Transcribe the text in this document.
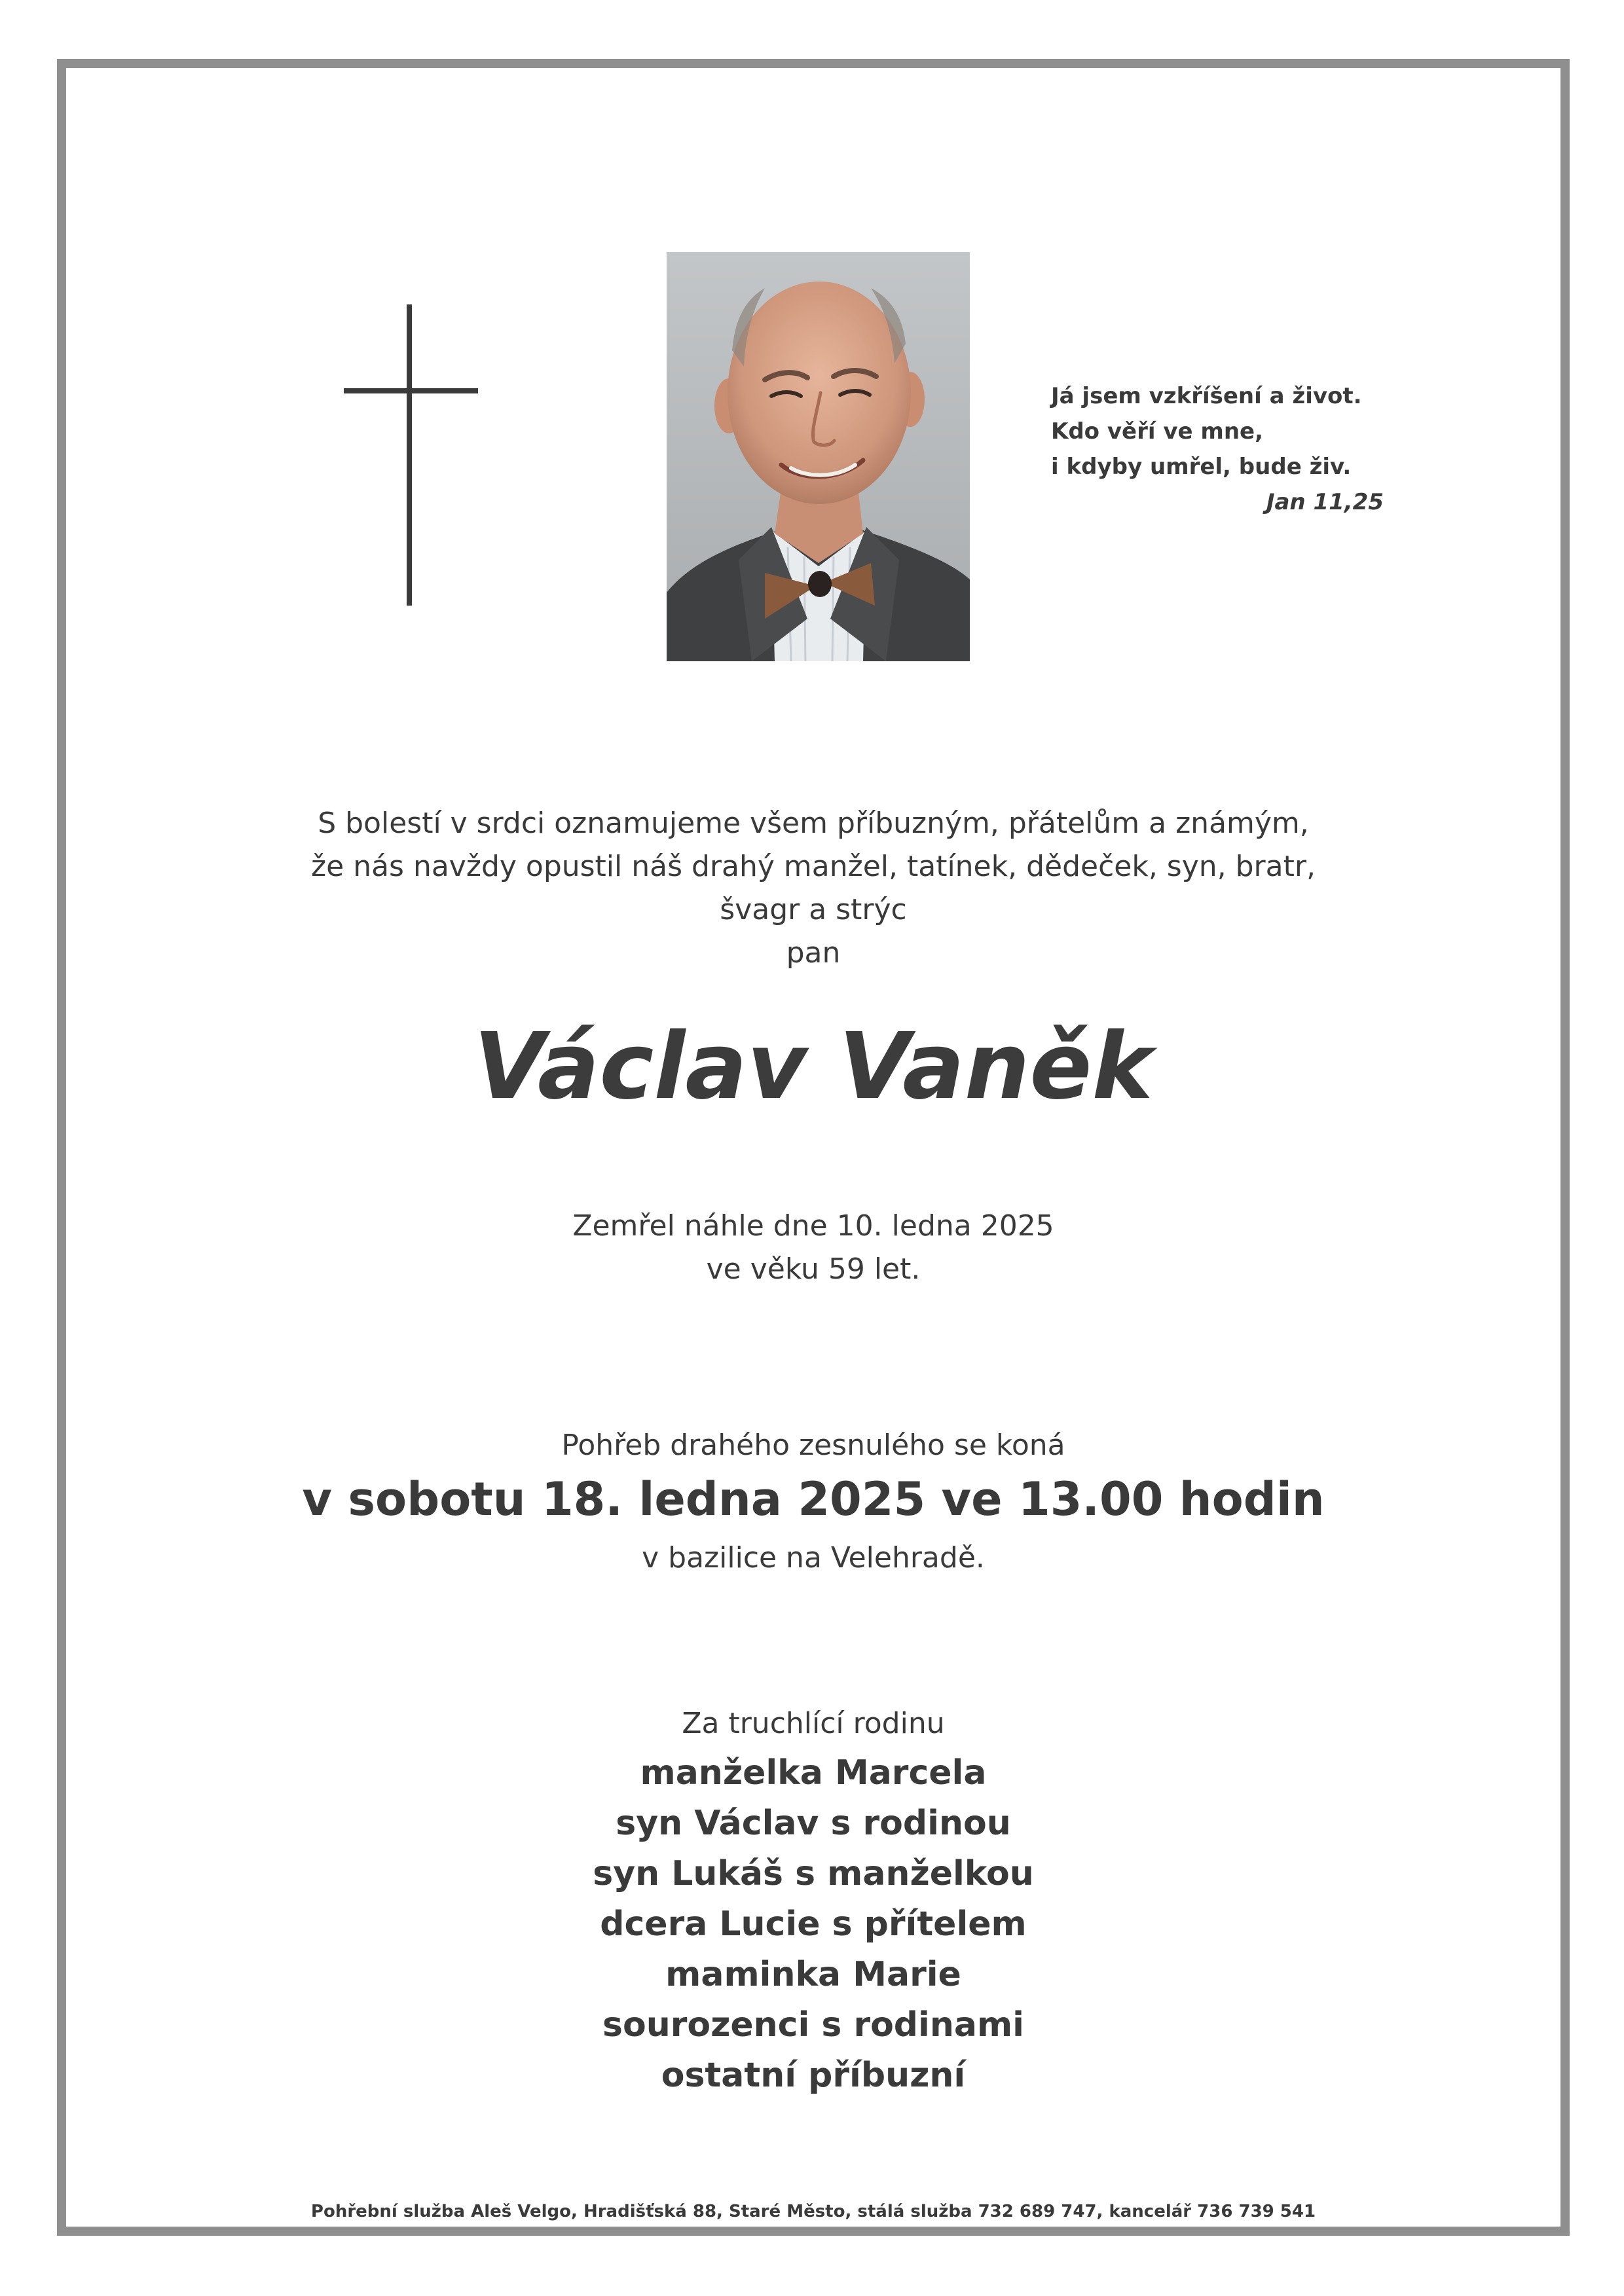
Já jsem vzkříšení a život.
Kdo věří ve mne,
i kdyby umřel, bude živ.
Jan 11,25
S bolestí v srdci oznamujeme všem příbuzným, přátelům a známým,
že nás navždy opustil náš drahý manžel, tatínek, dědeček, syn, bratr,
švagr a strýc
pan
Václav Vaněk
Zemřel náhle dne 10. ledna 2025
ve věku 59 let.
Pohřeb drahého zesnulého se koná
v sobotu 18. ledna 2025 ve 13.00 hodin
v bazilice na Velehradě.
Za truchlící rodinu
manželka Marcela
syn Václav s rodinou
syn Lukáš s manželkou
dcera Lucie s přítelem
maminka Marie
sourozenci s rodinami
ostatní příbuzní
Pohřební služba Aleš Velgo, Hradišťská 88, Staré Město, stálá služba 732 689 747, kancelář 736 739 541
